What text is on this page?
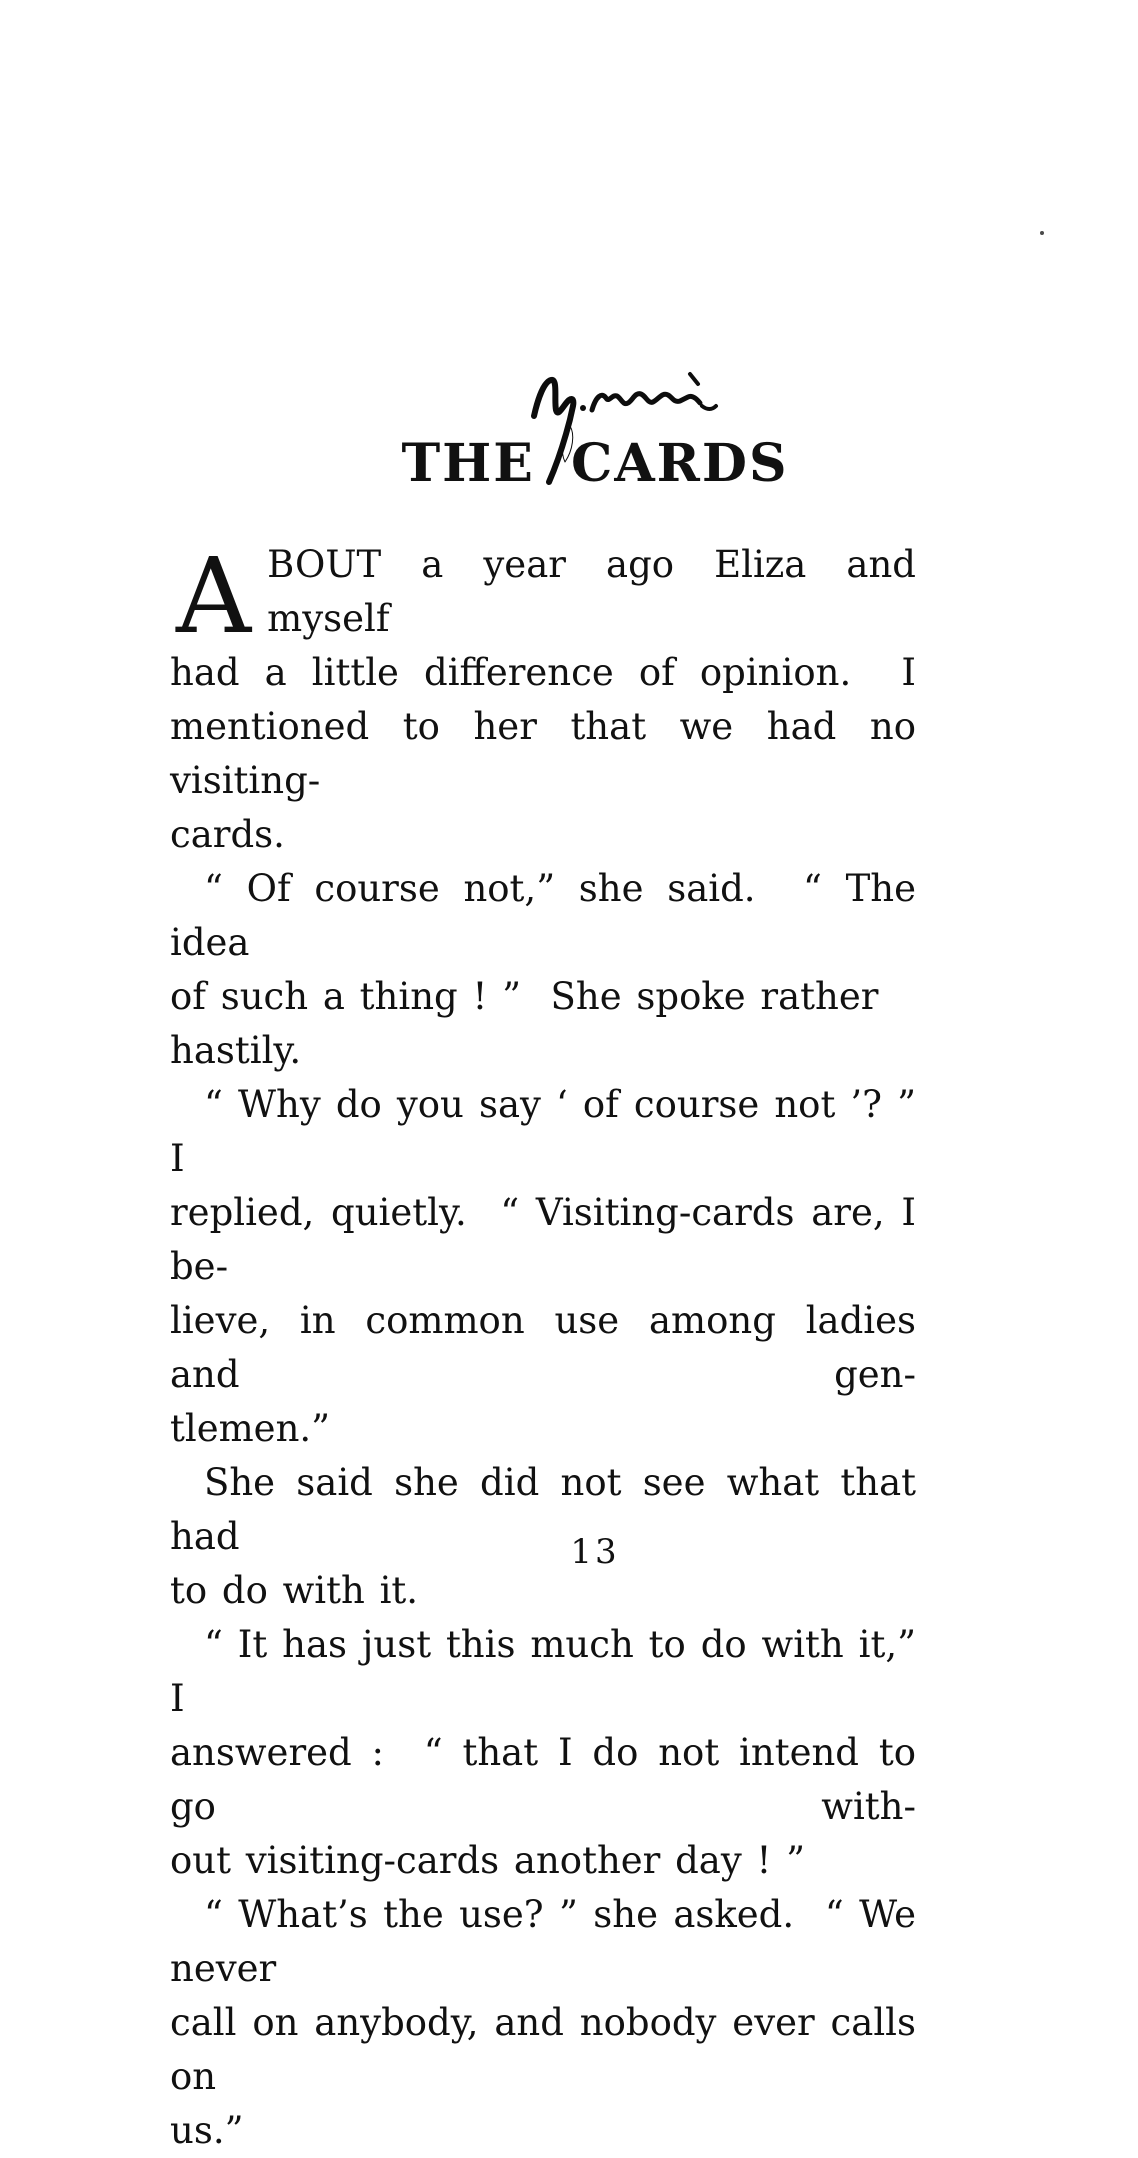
THE CARDS
A BOUT a year ago Eliza and myself
had a little difference of opinion.  I
mentioned to her that we had no visiting-
cards.
“ Of course not,” she said.  “ The idea
of such a thing ! ”  She spoke rather hastily.
“ Why do you say ‘ of course not ’? ” I
replied, quietly.  “ Visiting-cards are, I be-
lieve, in common use among ladies and gen-
tlemen.”
She said she did not see what that had
to do with it.
“ It has just this much to do with it,” I
answered :  “ that I do not intend to go with-
out visiting-cards another day ! ”
“ What’s the use? ” she asked.  “ We never
call on anybody, and nobody ever calls on
us.”
13
